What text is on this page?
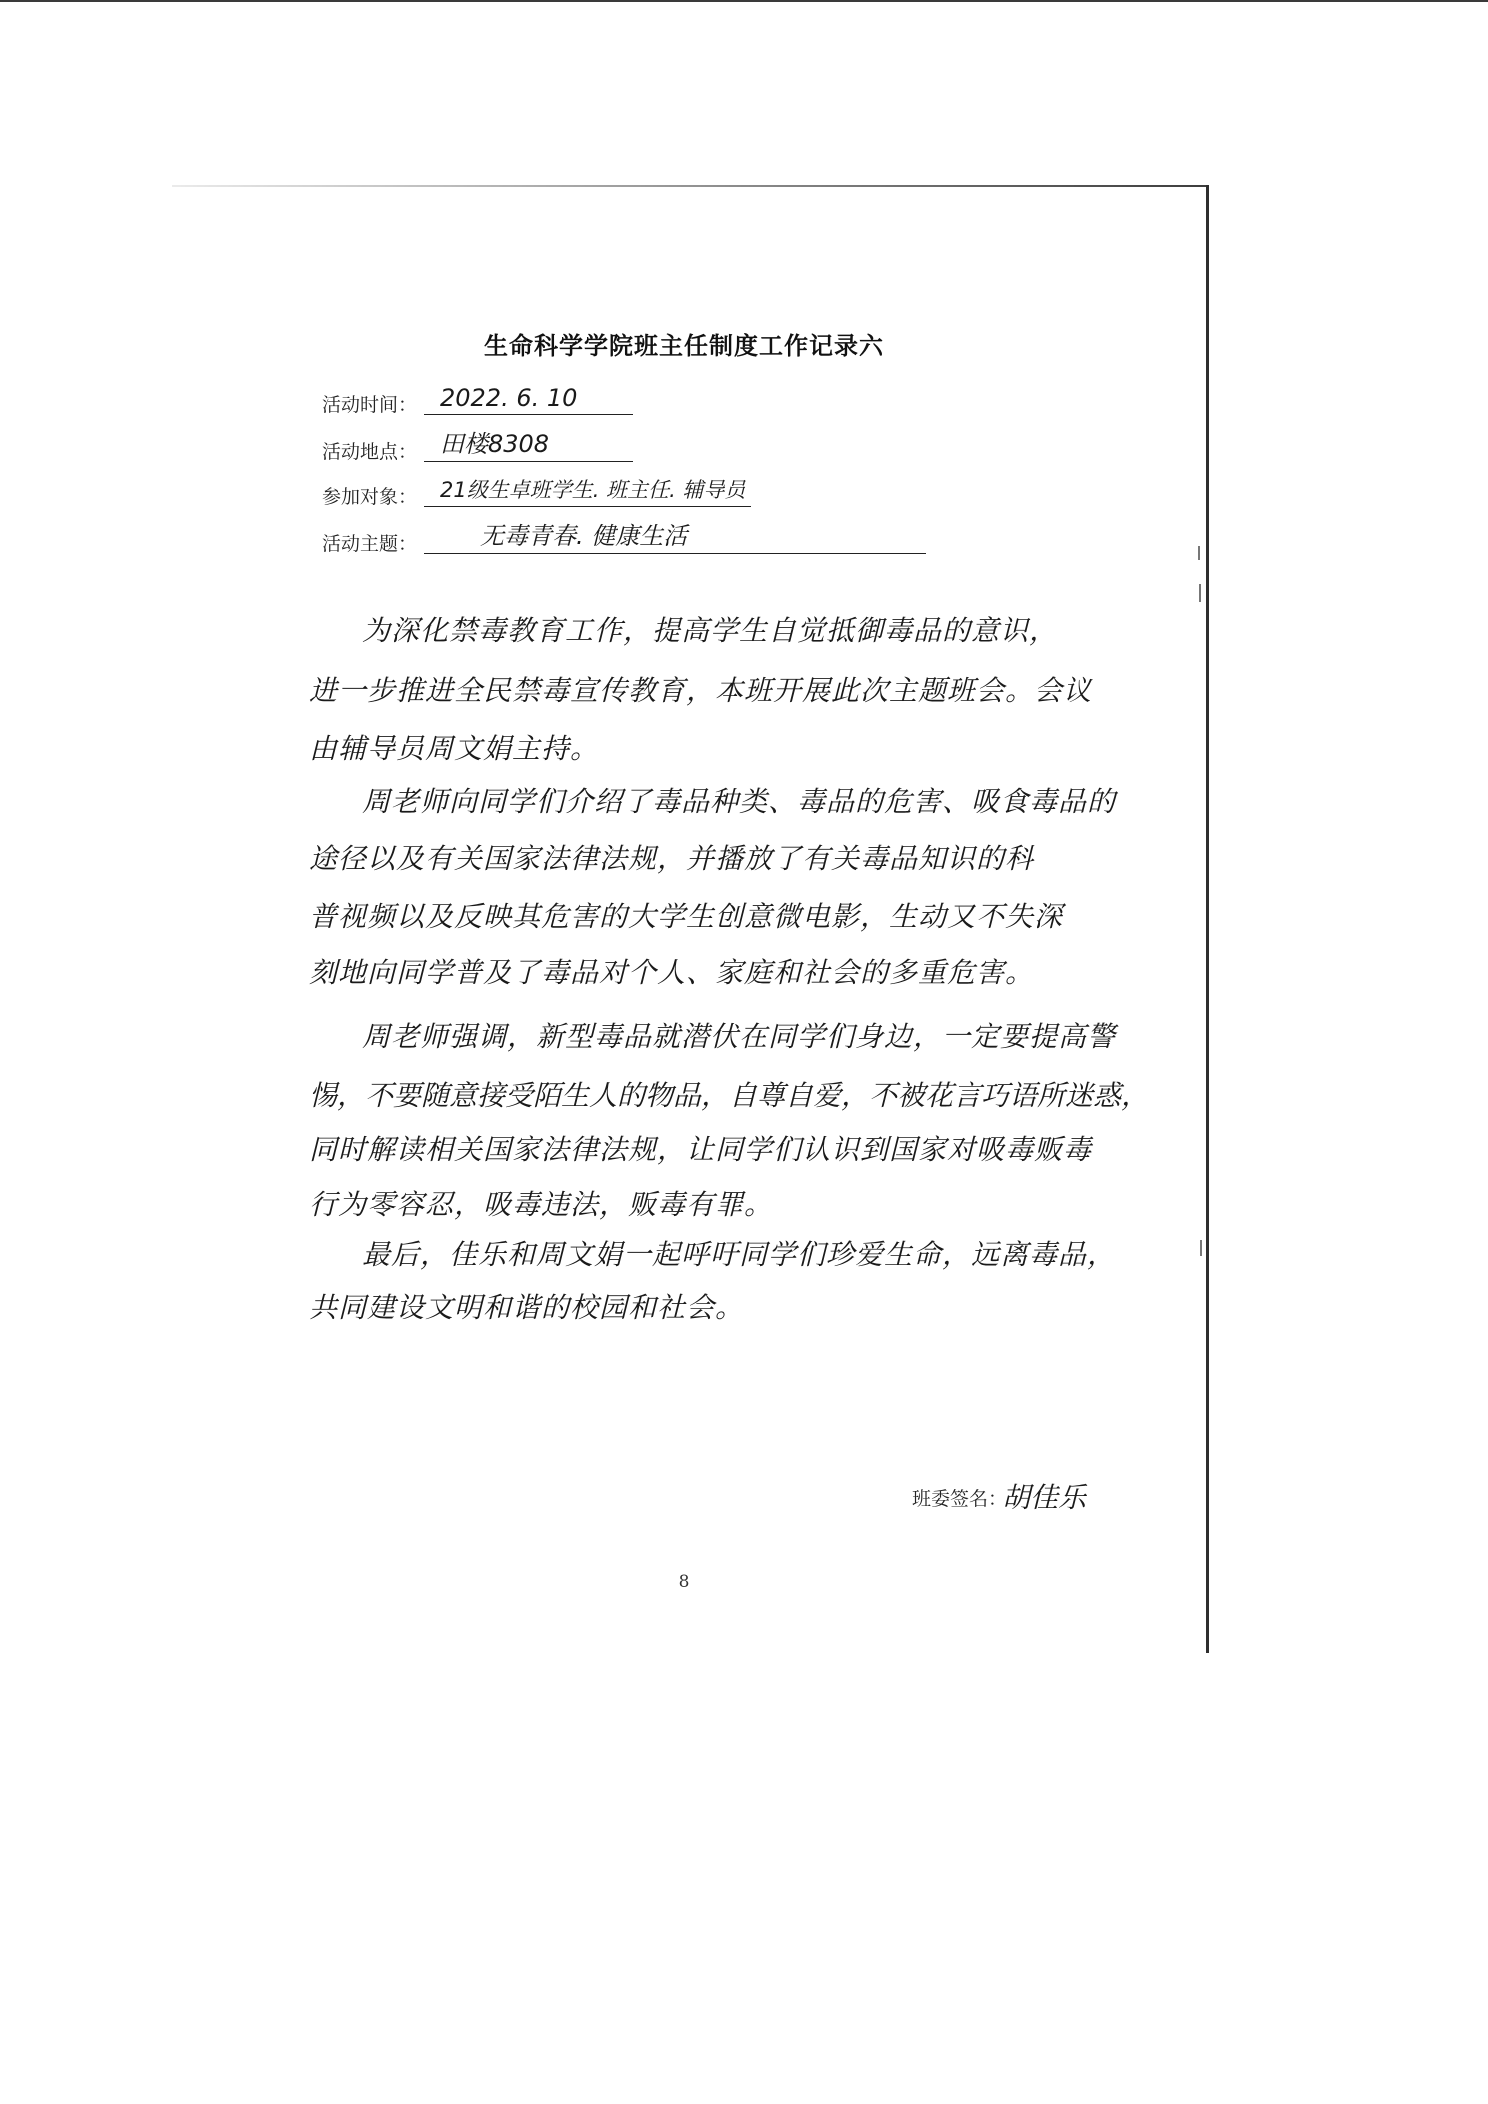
生命科学学院班主任制度工作记录六
活动时间： 2022. 6. 10
活动地点： 田楼8308
参加对象： 21级生卓班学生. 班主任. 辅导员
活动主题：	无毒青春. 健康生活
为深化禁毒教育工作，提高学生自觉抵御毒品的意识，
进一步推进全民禁毒宣传教育，本班开展此次主题班会。会议
由辅导员周文娟主持。
周老师向同学们介绍了毒品种类、毒品的危害、吸食毒品的
途径以及有关国家法律法规，并播放了有关毒品知识的科
普视频以及反映其危害的大学生创意微电影，生动又不失深
刻地向同学普及了毒品对个人、家庭和社会的多重危害。
周老师强调，新型毒品就潜伏在同学们身边，一定要提高警
惕，不要随意接受陌生人的物品，自尊自爱，不被花言巧语所迷惑，
同时解读相关国家法律法规，让同学们认识到国家对吸毒贩毒
行为零容忍，吸毒违法，贩毒有罪。
最后，佳乐和周文娟一起呼吁同学们珍爱生命，远离毒品，
共同建设文明和谐的校园和社会。
班委签名：
胡佳乐
8
